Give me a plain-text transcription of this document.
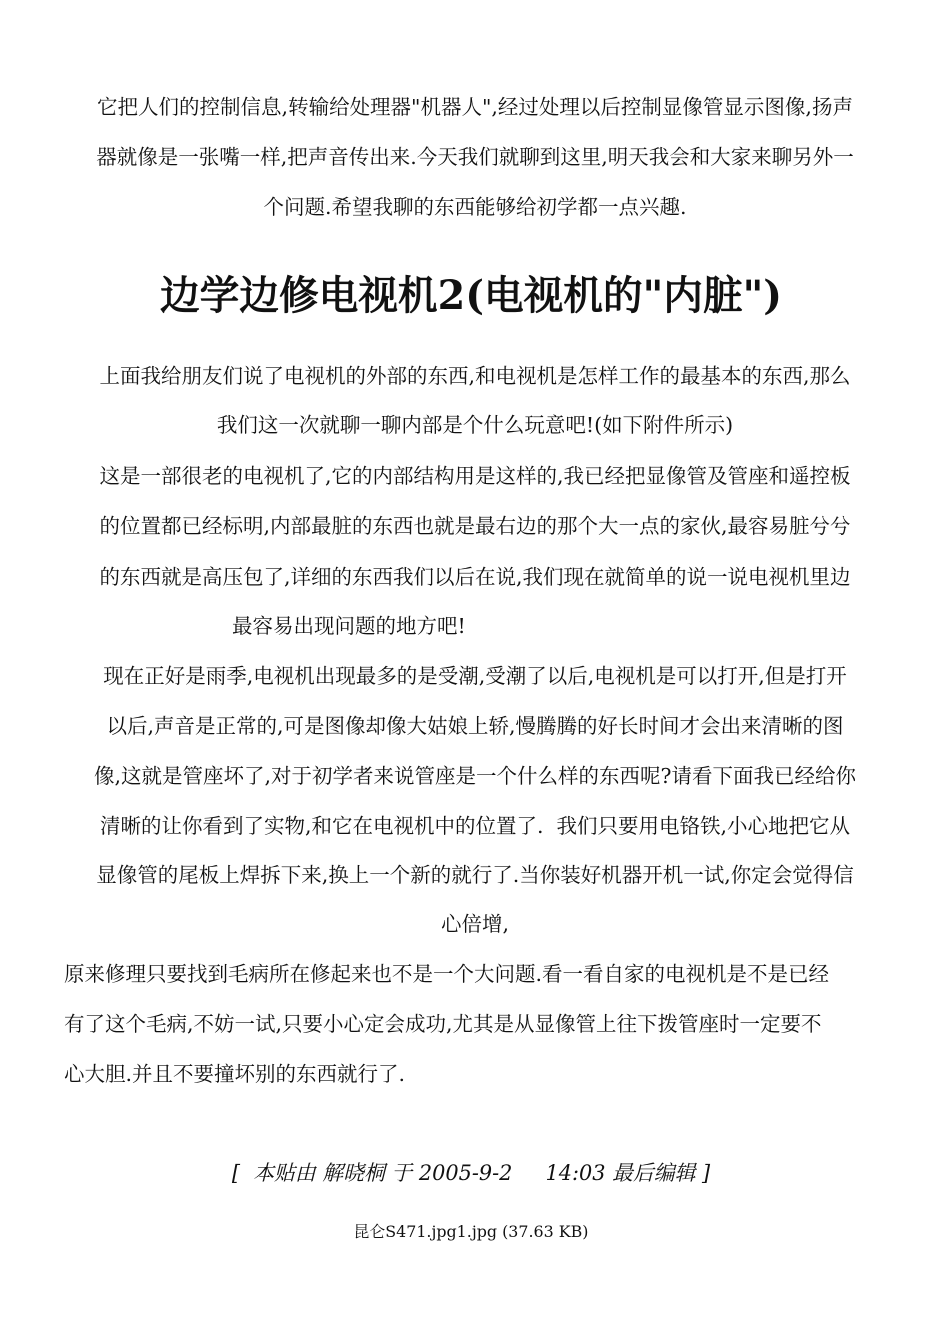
它把人们的控制信息,转输给处理器"机器人",经过处理以后控制显像管显示图像,扬声
器就像是一张嘴一样,把声音传出来.今天我们就聊到这里,明天我会和大家来聊另外一
个问题.希望我聊的东西能够给初学都一点兴趣.
边学边修电视机2(电视机的"内脏")
上面我给朋友们说了电视机的外部的东西,和电视机是怎样工作的最基本的东西,那么
我们这一次就聊一聊内部是个什么玩意吧!(如下附件所示)
这是一部很老的电视机了,它的内部结构用是这样的,我已经把显像管及管座和遥控板
的位置都已经标明,内部最脏的东西也就是最右边的那个大一点的家伙,最容易脏兮兮
的东西就是高压包了,详细的东西我们以后在说,我们现在就简单的说一说电视机里边
最容易出现问题的地方吧!
现在正好是雨季,电视机出现最多的是受潮,受潮了以后,电视机是可以打开,但是打开
以后,声音是正常的,可是图像却像大姑娘上轿,慢腾腾的好长时间才会出来清晰的图
像,这就是管座坏了,对于初学者来说管座是一个什么样的东西呢?请看下面我已经给你
清晰的让你看到了实物,和它在电视机中的位置了.  我们只要用电铬铁,小心地把它从
显像管的尾板上焊拆下来,换上一个新的就行了.当你装好机器开机一试,你定会觉得信
心倍增,
原来修理只要找到毛病所在修起来也不是一个大问题.看一看自家的电视机是不是已经
有了这个毛病,不妨一试,只要小心定会成功,尤其是从显像管上往下拨管座时一定要不
心大胆.并且不要撞坏别的东西就行了.
[  本贴由 解晓桐 于 2005-9-2     14:03 最后编辑 ]
昆仑S471.jpg1.jpg (37.63 KB)
